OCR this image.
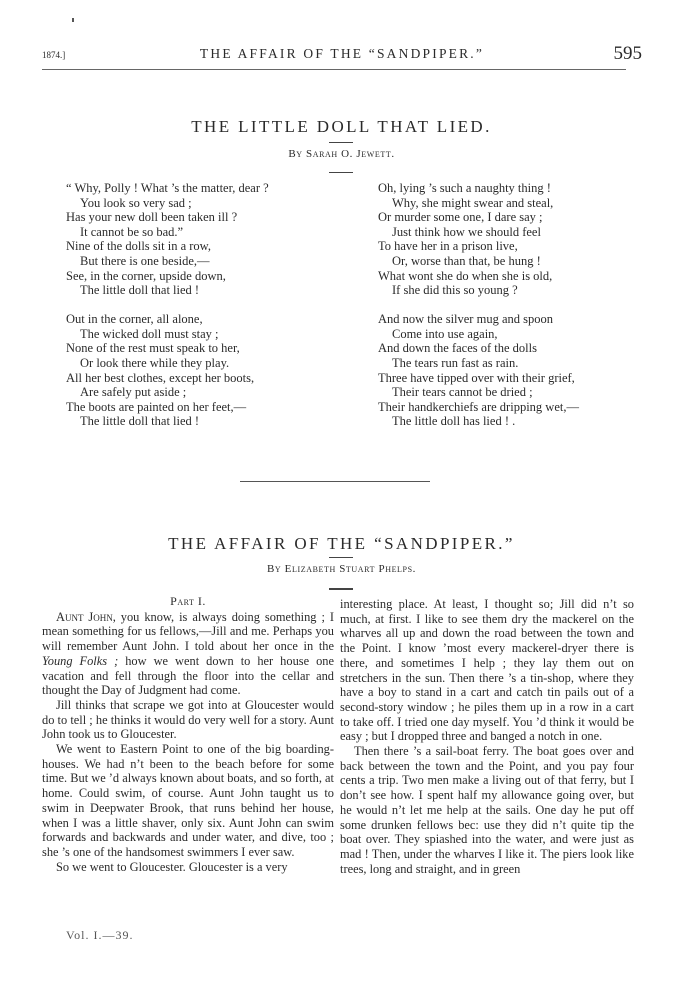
1874.]	THE AFFAIR OF THE “SANDPIPER.”	595
THE LITTLE DOLL THAT LIED.
By Sarah O. Jewett.
“ Why, Polly ! What ’s the matter, dear ?
You look so very sad ;
Has your new doll been taken ill ?
It cannot be so bad.”
Nine of the dolls sit in a row,
But there is one beside,—
See, in the corner, upside down,
The little doll that lied !
Out in the corner, all alone,
The wicked doll must stay ;
None of the rest must speak to her,
Or look there while they play.
All her best clothes, except her boots,
Are safely put aside ;
The boots are painted on her feet,—
The little doll that lied !
Oh, lying ’s such a naughty thing !
Why, she might swear and steal,
Or murder some one, I dare say ;
Just think how we should feel
To have her in a prison live,
Or, worse than that, be hung !
What wont she do when she is old,
If she did this so young ?
And now the silver mug and spoon
Come into use again,
And down the faces of the dolls
The tears run fast as rain.
Three have tipped over with their grief,
Their tears cannot be dried ;
Their handkerchiefs are dripping wet,—
The little doll has lied ! .
THE AFFAIR OF THE “SANDPIPER.”
By Elizabeth Stuart Phelps.
Part I.

Aunt John, you know, is always doing something ; I mean something for us fellows,—Jill and me. Perhaps you will remember Aunt John. I told about her once in the Young Folks ; how we went down to her house one vacation and fell through the floor into the cellar and thought the Day of Judgment had come.

Jill thinks that scrape we got into at Gloucester would do to tell ; he thinks it would do very well for a story. Aunt John took us to Gloucester.

We went to Eastern Point to one of the big boarding-houses. We had n’t been to the beach before for some time. But we ’d always known about boats, and so forth, at home. Could swim, of course. Aunt John taught us to swim in Deepwater Brook, that runs behind her house, when I was a little shaver, only six. Aunt John can swim forwards and backwards and under water, and dive, too ; she ’s one of the handsomest swimmers I ever saw.

So we went to Gloucester. Gloucester is a very

interesting place. At least, I thought so; Jill did n’t so much, at first. I like to see them dry the mackerel on the wharves all up and down the road between the town and the Point. I know ’most every mackerel-dryer there is there, and sometimes I help ; they lay them out on stretchers in the sun. Then there ’s a tin-shop, where they have a boy to stand in a cart and catch tin pails out of a second-story window ; he piles them up in a row in a cart to take off. I tried one day myself. You ’d think it would be easy ; but I dropped three and banged a notch in one.

Then there ’s a sail-boat ferry. The boat goes over and back between the town and the Point, and you pay four cents a trip. Two men make a living out of that ferry, but I don’t see how. I spent half my allowance going over, but he would n’t let me help at the sails. One day he put off some drunken fellows bec: use they did n’t quite tip the boat over. They spiashed into the water, and were just as mad ! Then, under the wharves I like it. The piers look like trees, long and straight, and in green

Vol. I.—39.
